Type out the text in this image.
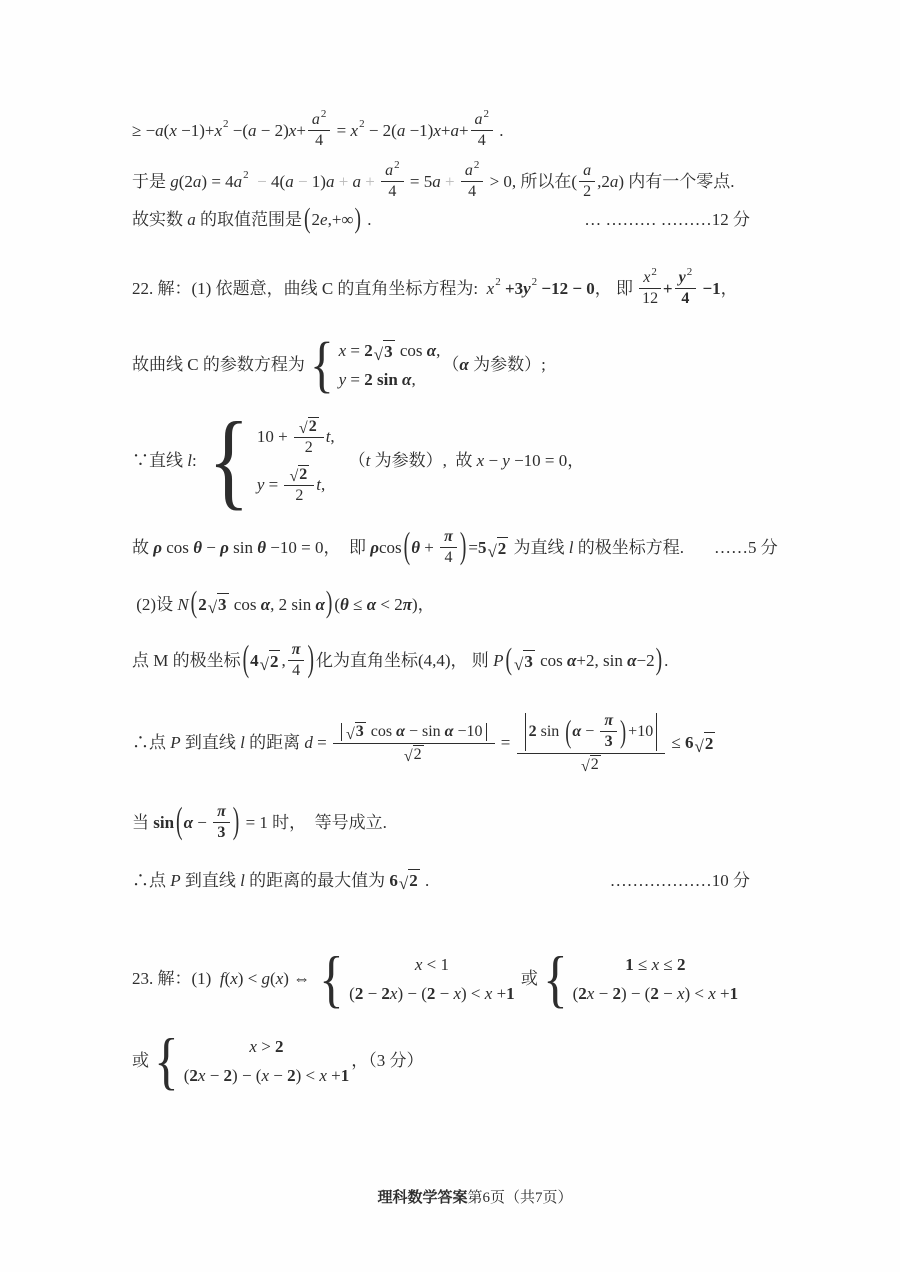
≥ − a ( x −1)+ x 2 −( a − 2) $x + \frac{a 2}{4} = x$ 2 − 2( a −1) $x + a + \frac{a 2}{4}$ .
于是 g (2 a ) = 4 a 2
− 4( a
− 1) a
+
a
+
$\frac{a 2}{4} = 5$ a
+
$\frac{a 2}{4} > 0$, 所以在( $\frac{a}{2} ,2$ a ) 内有一个零点.
故实数 a 的取值范围是 ( 2 e ,+∞ ) .	… ……… ………12 分
22. 解：(1) 依题意，曲线 C 的直角坐标方程为: x 2 +3 y 2 −12 − 0 ， 即 $\frac{x 2}{12} + \frac{y 2}{4} -1$ ，
故曲线 C 的参数方程为 { x = 2 √ 3 cos α ,
y = 2 sin α ,
（ α 为参数）;
∵直线 l : { $10 + \frac{√ 2}{2}$ t ,
$y = \frac{√ 2}{2}$ t ,
（ t 为参数）,  故 x − y −10 = 0，
故 ρ cos θ − ρ sin θ −10 = 0，  即 ρ cos ( $\theta + \frac{\pi}{4}$ ) = 5 √ 2 为直线 l 的极坐标方程. ……5 分
(2)设 N ( 2 √ 3 cos α , 2 sin α ) ( θ ≤ α < 2 π )，
点 M 的极坐标 ( 4 √ 2 , $\frac{\pi}{4}$ ) 化为直角坐标(4,4)， 则 P ( √ 3 cos α +2, sin α −2 ) .
∴点 P 到直线 l 的距离 $d = \frac{\text{√ 3 cos α − sin α −10}}{√ 2} = \frac{2 \sin ( \alpha - \frac{\pi}{3} ) +10}{√ 2} \le 6$ √ 2
当 sin ( $\alpha - \frac{\pi}{3}$ ) = 1 时，  等号成立.
∴点 P 到直线 l 的距离的最大值为 6 √ 2 .	………………10 分
23. 解：(1) f ( x ) < g ( x ) ⇔ {	x < 1
( 2 − 2 x ) − ( 2 − x ) < x + 1
或 {	1 ≤ x ≤ 2
( 2 x − 2 ) − ( 2 − x ) < x + 1
或 {	x > 2
( 2 x − 2 ) − ( x − 2 ) < x + 1
，（3 分）
理科数学答案 第6页（共7页）
